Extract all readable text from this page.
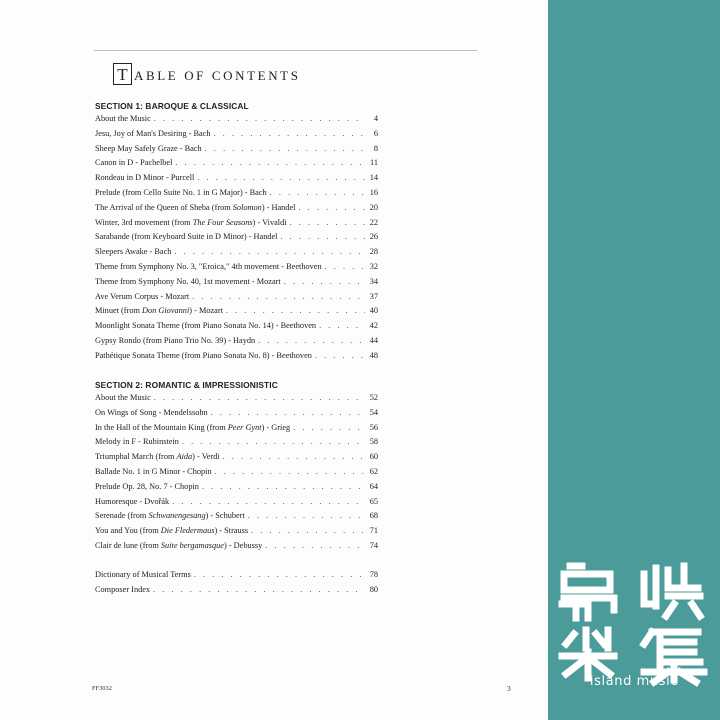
T ABLE OF CONTENTS
SECTION 1: BAROQUE & CLASSICAL
About the Music . . .	4
Jesu, Joy of Man's Desiring - Bach . . .	6
Sheep May Safely Graze - Bach . . .	8
Canon in D - Pachelbel . . .	11
Rondeau in D Minor - Purcell . . .	14
Prelude (from Cello Suite No. 1 in G Major) - Bach . . .	16
The Arrival of the Queen of Sheba (from Solomon) - Handel . . .	20
Winter, 3rd movement (from The Four Seasons) - Vivaldi . . .	22
Sarabande (from Keyboard Suite in D Minor) - Handel . . .	26
Sleepers Awake - Bach . . .	28
Theme from Symphony No. 3, "Eroica," 4th movement - Beethoven . . .	32
Theme from Symphony No. 40, 1st movement - Mozart . . .	34
Ave Verum Corpus - Mozart . . .	37
Minuet (from Don Giovanni) - Mozart . . .	40
Moonlight Sonata Theme (from Piano Sonata No. 14) - Beethoven . . .	42
Gypsy Rondo (from Piano Trio No. 39) - Haydn . . .	44
Pathétique Sonata Theme (from Piano Sonata No. 8) - Beethoven . . .	48
SECTION 2: ROMANTIC & IMPRESSIONISTIC
About the Music . . .	52
On Wings of Song - Mendelssohn . . .	54
In the Hall of the Mountain King (from Peer Gynt) - Grieg . . .	56
Melody in F - Rubinstein . . .	58
Triumphal March (from Aida) - Verdi . . .	60
Ballade No. 1 in G Minor - Chopin . . .	62
Prelude Op. 28, No. 7 - Chopin . . .	64
Humoresque - Dvořák . . .	65
Serenade (from Schwanengesang) - Schubert . . .	68
You and You (from Die Fledermaus) - Strauss . . .	71
Clair de lune (from Suite bergamasque) - Debussy . . .	74
Dictionary of Musical Terms . . .	78
Composer Index . . .	80
FF3032	3	island music
